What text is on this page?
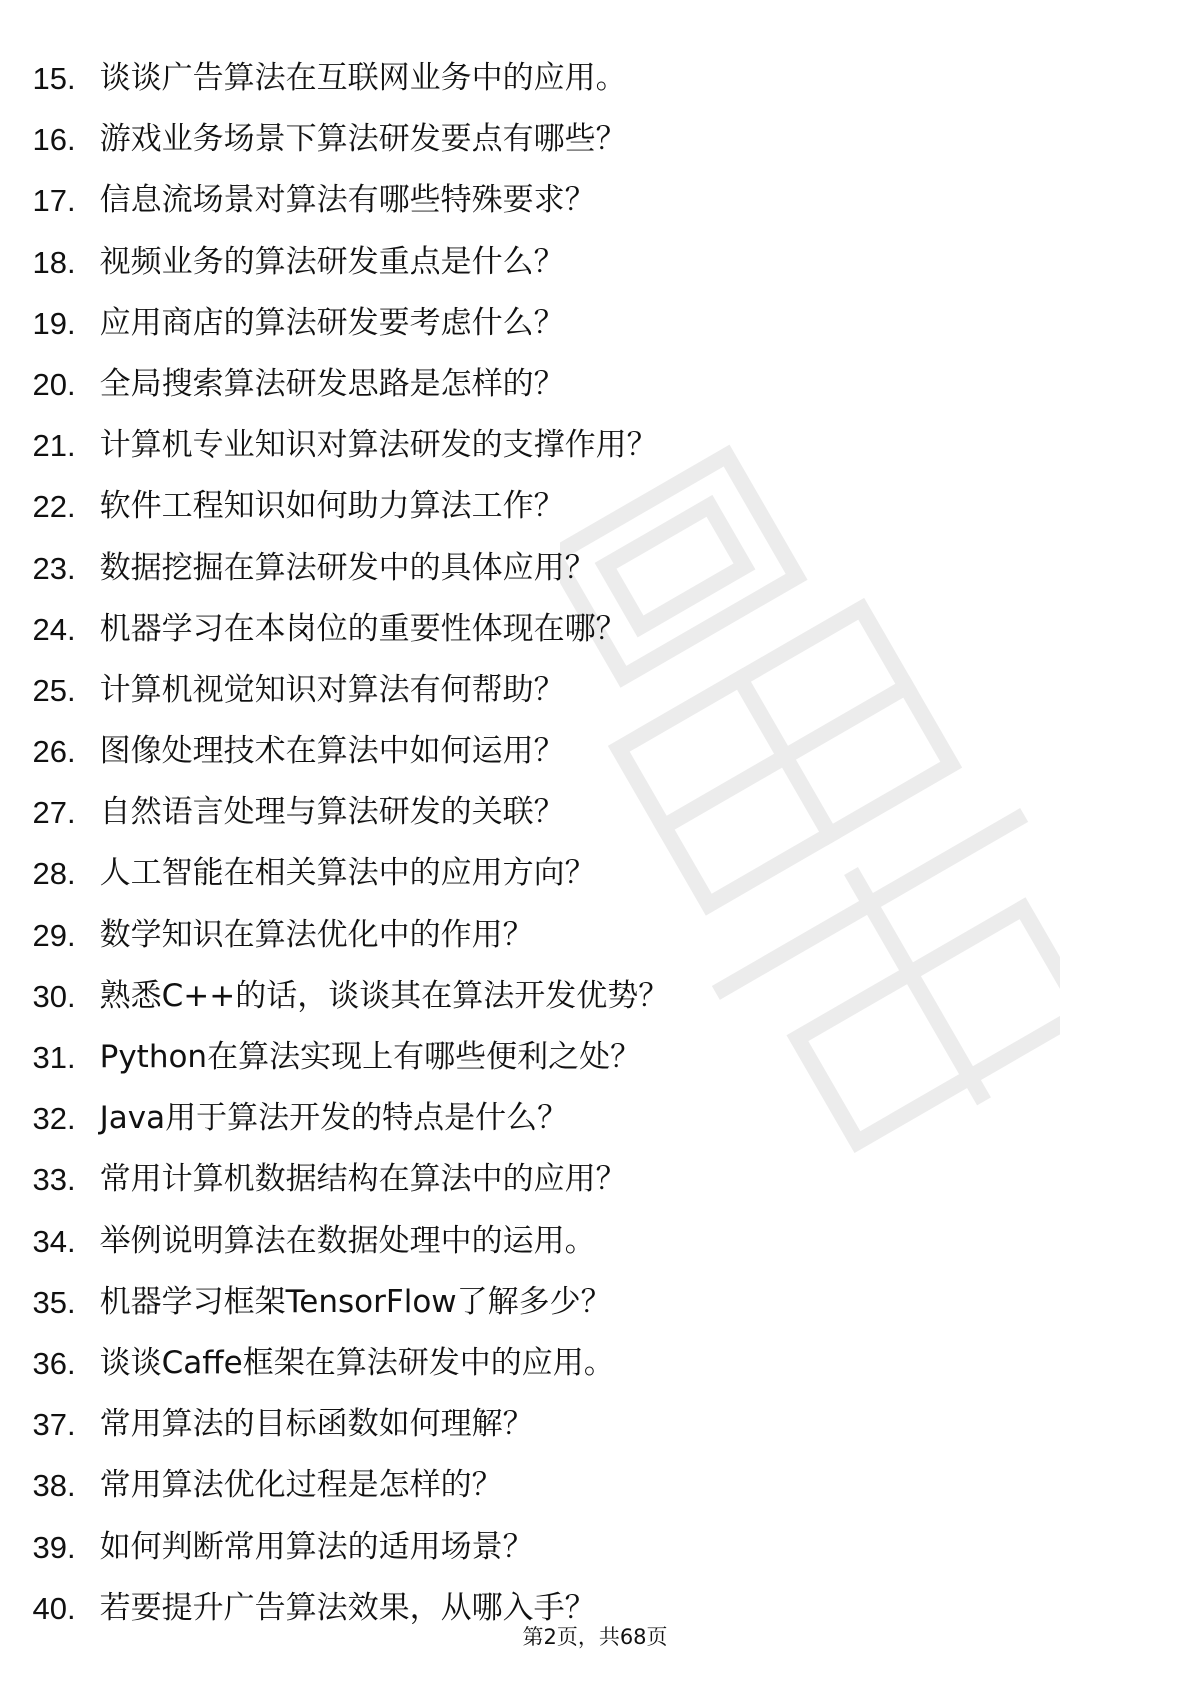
15 . 谈谈广告算法在互联网业务中的应用。
16 . 游戏业务场景下算法研发要点有哪些？
17 . 信息流场景对算法有哪些特殊要求？
18 . 视频业务的算法研发重点是什么？
19 . 应用商店的算法研发要考虑什么？
20 . 全局搜索算法研发思路是怎样的？
21 . 计算机专业知识对算法研发的支撑作用？
22 . 软件工程知识如何助力算法工作？
23 . 数据挖掘在算法研发中的具体应用？
24 . 机器学习在本岗位的重要性体现在哪？
25 . 计算机视觉知识对算法有何帮助？
26 . 图像处理技术在算法中如何运用？
27 . 自然语言处理与算法研发的关联？
28 . 人工智能在相关算法中的应用方向？
29 . 数学知识在算法优化中的作用？
30 . 熟悉C++的话，谈谈其在算法开发优势？
31 . Python在算法实现上有哪些便利之处？
32 . Java用于算法开发的特点是什么？
33 . 常用计算机数据结构在算法中的应用？
34 . 举例说明算法在数据处理中的运用。
35 . 机器学习框架TensorFlow了解多少？
36 . 谈谈Caffe框架在算法研发中的应用。
37 . 常用算法的目标函数如何理解？
38 . 常用算法优化过程是怎样的？
39 . 如何判断常用算法的适用场景？
40 . 若要提升广告算法效果，从哪入手？
第2页，共68页
